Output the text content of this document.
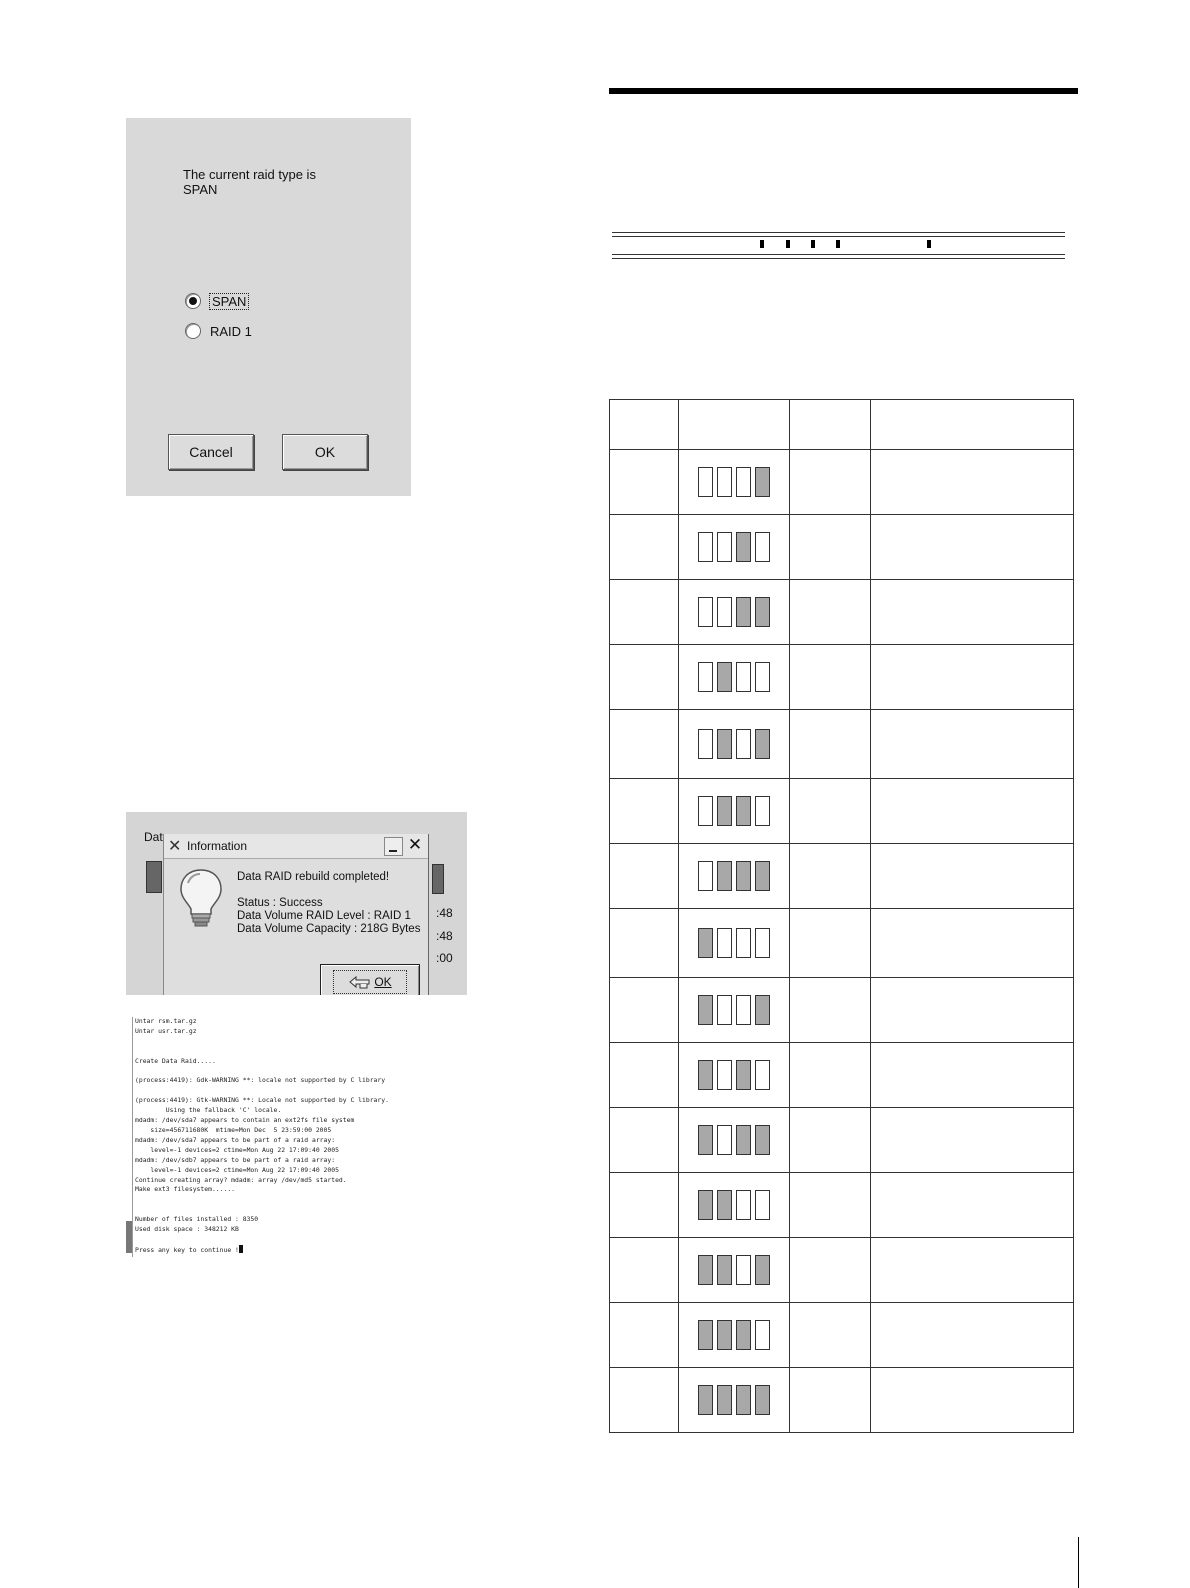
The current raid type is
SPAN
SPAN
RAID 1
Cancel	OK
Dat
:48
:48
:00
✕ Information	✕
Data RAID rebuild completed!
Status : Success
Data Volume RAID Level : RAID 1
Data Volume Capacity : 218G Bytes
OK
Untar rsm.tar.gz
Untar usr.tar.gz

Create Data Raid.....

(process:4419): Gdk-WARNING **: locale not supported by C library

(process:4419): Gtk-WARNING **: Locale not supported by C library.
Using the fallback 'C' locale.
mdadm: /dev/sda7 appears to contain an ext2fs file system
size=456711680K  mtime=Mon Dec  5 23:59:00 2005
mdadm: /dev/sda7 appears to be part of a raid array:
level=-1 devices=2 ctime=Mon Aug 22 17:09:40 2005
mdadm: /dev/sdb7 appears to be part of a raid array:
level=-1 devices=2 ctime=Mon Aug 22 17:09:40 2005
Continue creating array? mdadm: array /dev/md5 started.
Make ext3 filesystem......

Number of files installed : 8350
Used disk space : 348212 KB

Press any key to continue !
